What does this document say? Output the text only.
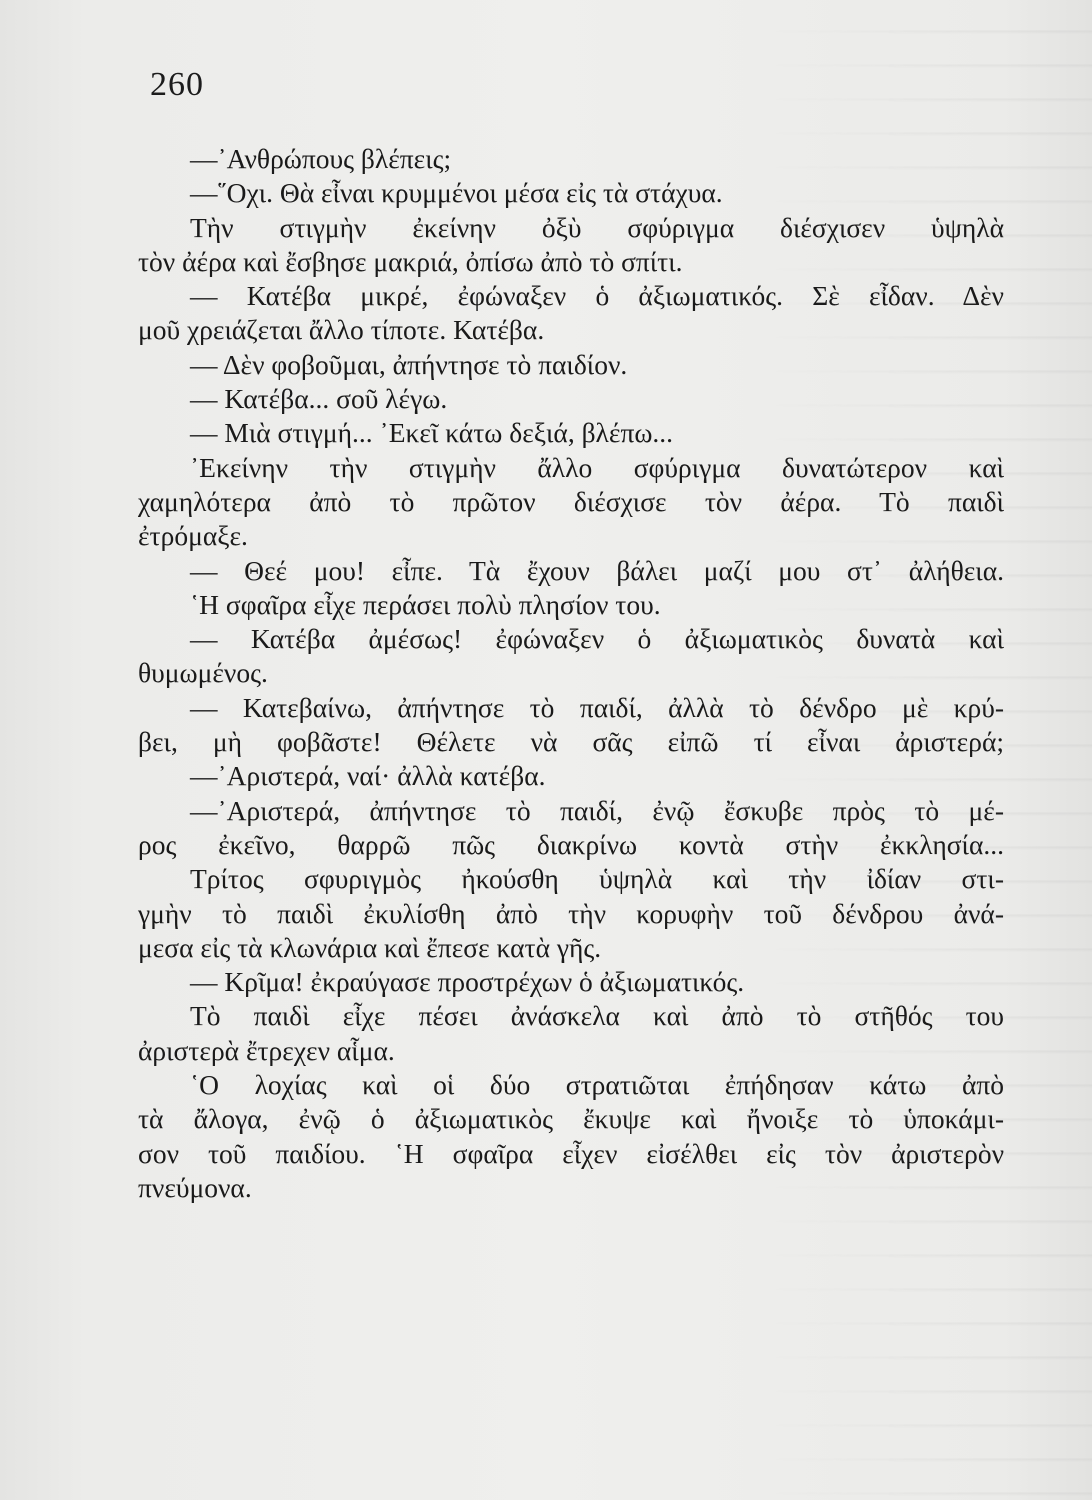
260
—᾽Ανθρώπους βλέπεις;
—῞Οχι. Θὰ εἶναι κρυμμένοι μέσα εἰς τὰ στάχυα.
Τὴν στιγμὴν ἐκείνην ὀξὺ σφύριγμα διέσχισεν ὑψηλὰ
τὸν ἀέρα καὶ ἔσβησε μακριά, ὀπίσω ἀπὸ τὸ σπίτι.
— Κατέβα μικρέ, ἐφώναξεν ὁ ἀξιωματικός. Σὲ εἶδαν. Δὲν
μοῦ χρειάζεται ἄλλο τίποτε. Κατέβα.
— Δὲν φοβοῦμαι, ἀπήντησε τὸ παιδίον.
— Κατέβα... σοῦ λέγω.
— Μιὰ στιγμή... ᾽Εκεῖ κάτω δεξιά, βλέπω...
᾽Εκείνην τὴν στιγμὴν ἄλλο σφύριγμα δυνατώτερον καὶ
χαμηλότερα ἀπὸ τὸ πρῶτον διέσχισε τὸν ἀέρα. Τὸ παιδὶ
ἐτρόμαξε.
— Θεέ μου! εἶπε. Τὰ ἔχουν βάλει μαζί μου στ᾽ ἀλήθεια.
῾Η σφαῖρα εἶχε περάσει πολὺ πλησίον του.
— Κατέβα ἀμέσως! ἐφώναξεν ὁ ἀξιωματικὸς δυνατὰ καὶ
θυμωμένος.
— Κατεβαίνω, ἀπήντησε τὸ παιδί, ἀλλὰ τὸ δένδρο μὲ κρύ-
βει, μὴ φοβᾶστε! Θέλετε νὰ σᾶς εἰπῶ τί εἶναι ἀριστερά;
—᾽Αριστερά, ναί· ἀλλὰ κατέβα.
—᾽Αριστερά, ἀπήντησε τὸ παιδί, ἐνῷ ἔσκυβε πρὸς τὸ μέ-
ρος ἐκεῖνο, θαρρῶ πῶς διακρίνω κοντὰ στὴν ἐκκλησία...
Τρίτος σφυριγμὸς ἠκούσθη ὑψηλὰ καὶ τὴν ἰδίαν στι-
γμὴν τὸ παιδὶ ἐκυλίσθη ἀπὸ τὴν κορυφὴν τοῦ δένδρου ἀνά-
μεσα εἰς τὰ κλωνάρια καὶ ἔπεσε κατὰ γῆς.
— Κρῖμα! ἐκραύγασε προστρέχων ὁ ἀξιωματικός.
Τὸ παιδὶ εἶχε πέσει ἀνάσκελα καὶ ἀπὸ τὸ στῆθός του
ἀριστερὰ ἔτρεχεν αἷμα.
῾Ο λοχίας καὶ οἱ δύο στρατιῶται ἐπήδησαν κάτω ἀπὸ
τὰ ἄλογα, ἐνῷ ὁ ἀξιωματικὸς ἔκυψε καὶ ἤνοιξε τὸ ὑποκάμι-
σον τοῦ παιδίου. ῾Η σφαῖρα εἶχεν εἰσέλθει εἰς τὸν ἀριστερὸν
πνεύμονα.
